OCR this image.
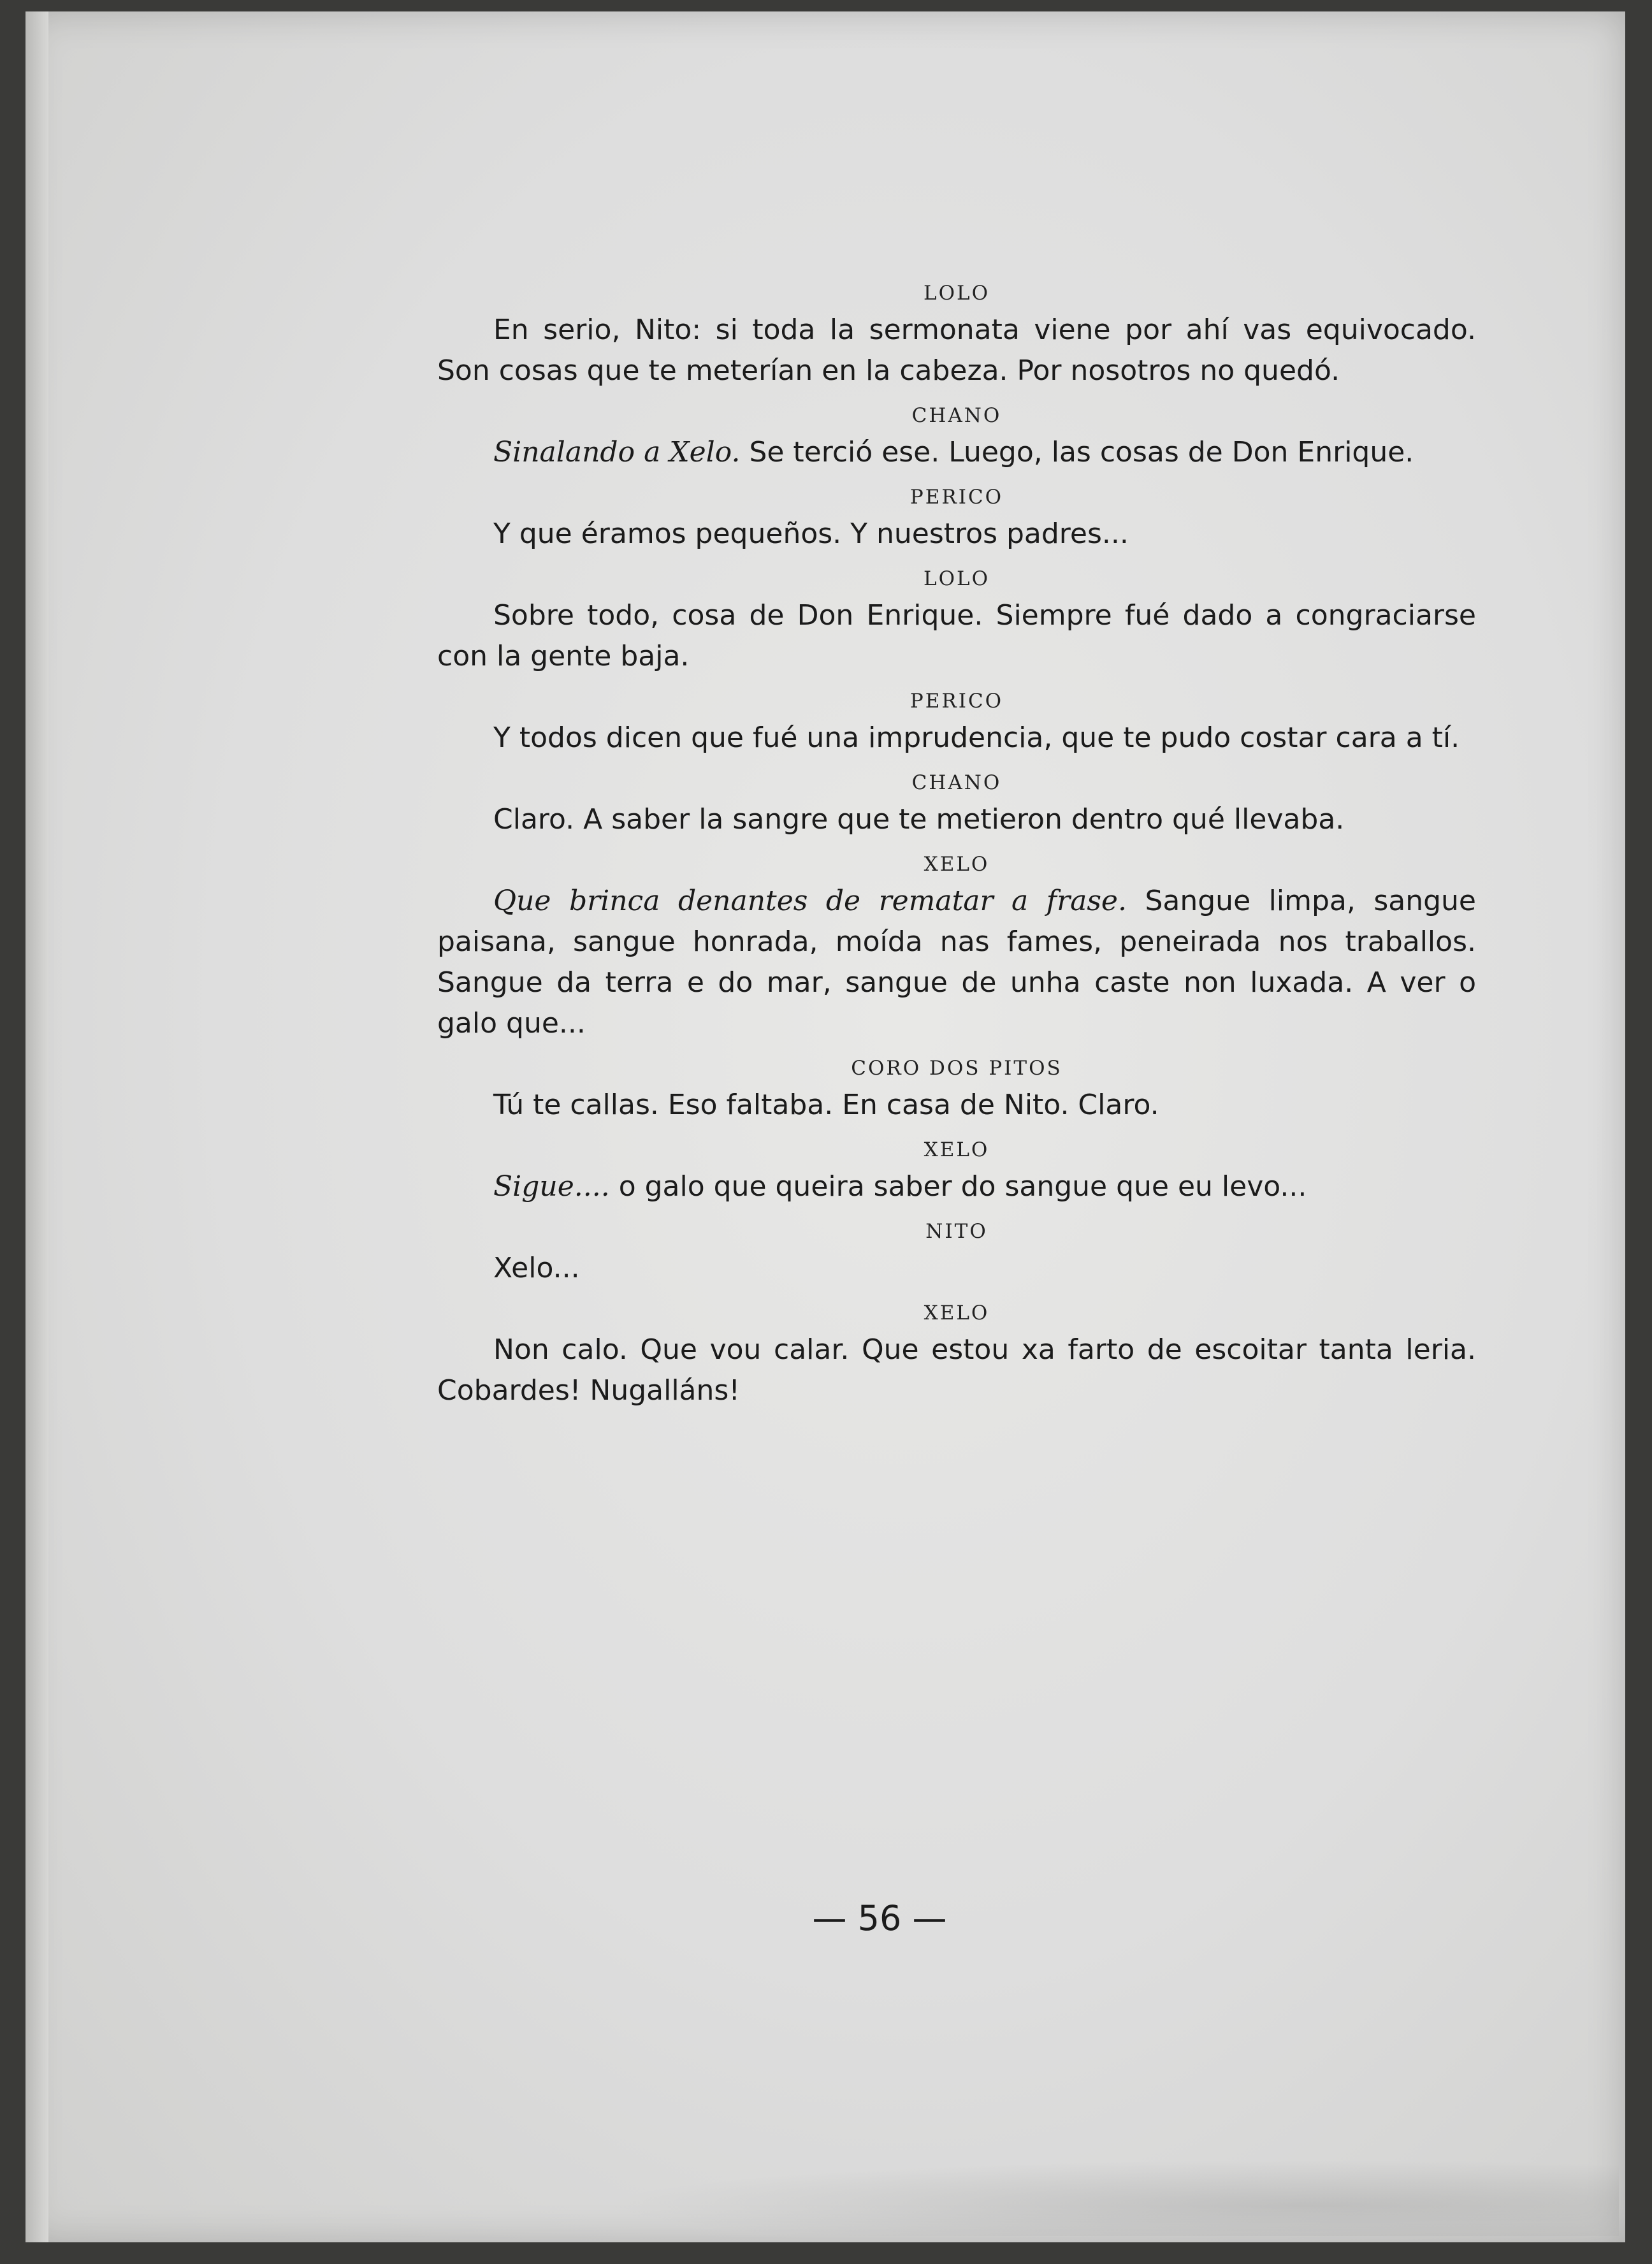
LOLO

En serio, Nito: si toda la sermonata viene por ahí vas equivocado. Son cosas que te meterían en la cabeza. Por nosotros no quedó.

CHANO

Sinalando a Xelo. Se terció ese. Luego, las cosas de Don Enrique.

PERICO

Y que éramos pequeños. Y nuestros padres...

LOLO

Sobre todo, cosa de Don Enrique. Siempre fué dado a congraciarse con la gente baja.

PERICO

Y todos dicen que fué una imprudencia, que te pudo costar cara a tí.

CHANO

Claro. A saber la sangre que te metieron dentro qué llevaba.

XELO

Que brinca denantes de rematar a frase. Sangue limpa, sangue paisana, sangue honrada, moída nas fames, peneirada nos traballos. Sangue da terra e do mar, sangue de unha caste non luxada. A ver o galo que...

CORO DOS PITOS

Tú te callas. Eso faltaba. En casa de Nito. Claro.

XELO

Sigue.... o galo que queira saber do sangue que eu levo...

NITO

Xelo...

XELO

Non calo. Que vou calar. Que estou xa farto de escoitar tanta leria. Cobardes! Nugalláns!

— 56 —
